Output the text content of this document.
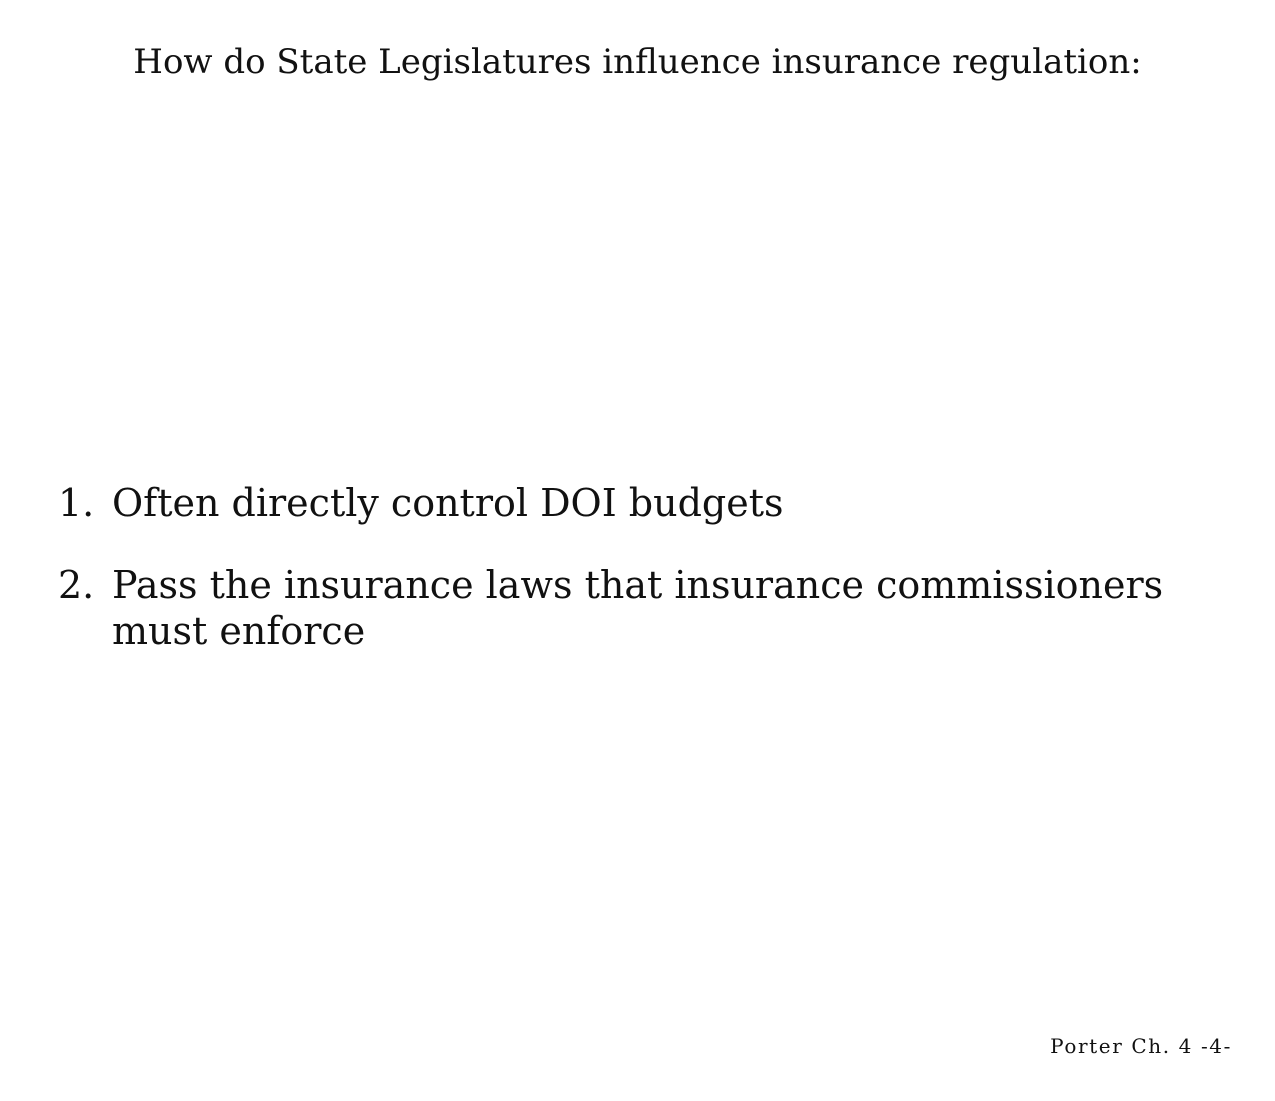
How do State Legislatures influence insurance regulation:
1. Often directly control DOI budgets
2. Pass the insurance laws that insurance commissioners must enforce
Porter Ch. 4 -4-
